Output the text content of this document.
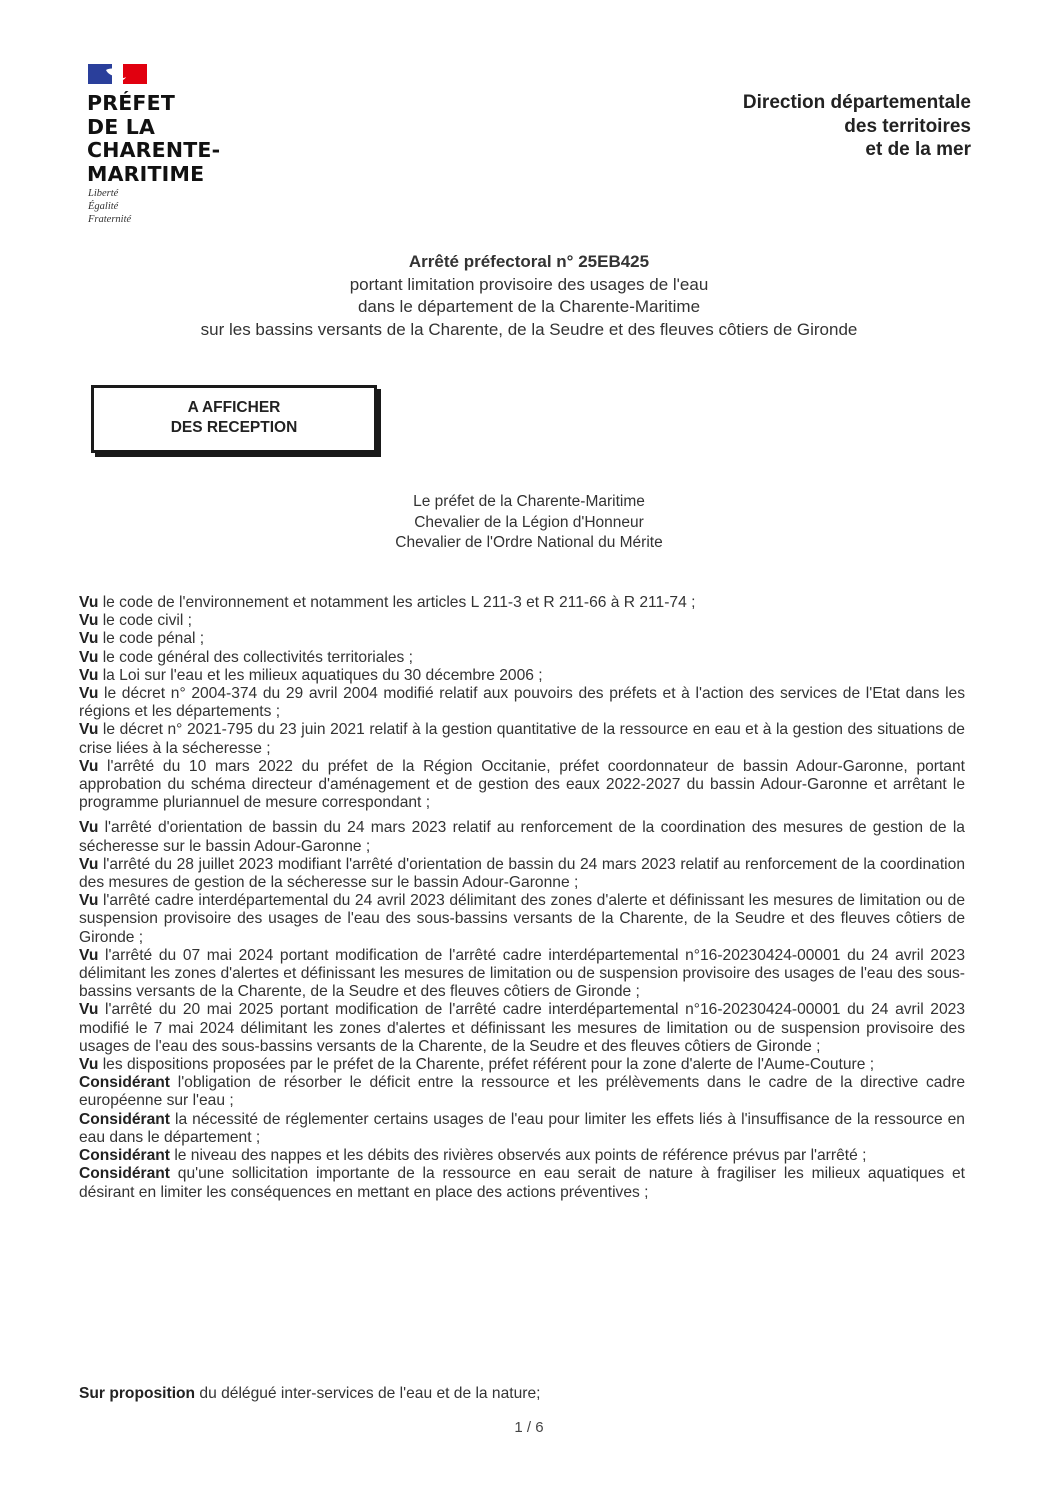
PRÉFET
DE LA
CHARENTE-
MARITIME
Liberté
Égalité
Fraternité
Direction départementale
des territoires
et de la mer
Arrêté préfectoral n° 25EB425
portant limitation provisoire des usages de l'eau
dans le département de la Charente-Maritime
sur les bassins versants de la Charente, de la Seudre et des fleuves côtiers de Gironde
A AFFICHER
DES RECEPTION
Le préfet de la Charente-Maritime
Chevalier de la Légion d'Honneur
Chevalier de l'Ordre National du Mérite

Vu le code de l'environnement et notamment les articles L 211-3 et R 211-66 à R 211-74 ;

Vu le code civil ;

Vu le code pénal ;

Vu le code général des collectivités territoriales ;

Vu la Loi sur l'eau et les milieux aquatiques du 30 décembre 2006 ;

Vu le décret n° 2004-374 du 29 avril 2004 modifié relatif aux pouvoirs des préfets et à l'action des services de l'Etat dans les régions et les départements ;

Vu le décret n° 2021-795 du 23 juin 2021 relatif à la gestion quantitative de la ressource en eau et à la gestion des situations de crise liées à la sécheresse ;

Vu l'arrêté du 10 mars 2022 du préfet de la Région Occitanie, préfet coordonnateur de bassin Adour-Garonne, portant approbation du schéma directeur d'aménagement et de gestion des eaux 2022-2027 du bassin Adour-Garonne et arrêtant le programme pluriannuel de mesure correspondant ;

Vu l'arrêté d'orientation de bassin du 24 mars 2023 relatif au renforcement de la coordination des mesures de gestion de la sécheresse sur le bassin Adour-Garonne ;

Vu l'arrêté du 28 juillet 2023 modifiant l'arrêté d'orientation de bassin du 24 mars 2023 relatif au renforcement de la coordination des mesures de gestion de la sécheresse sur le bassin Adour-Garonne ;

Vu l'arrêté cadre interdépartemental du 24 avril 2023 délimitant des zones d'alerte et définissant les mesures de limitation ou de suspension provisoire des usages de l'eau des sous-bassins versants de la Charente, de la Seudre et des fleuves côtiers de Gironde ;

Vu l'arrêté du 07 mai 2024 portant modification de l'arrêté cadre interdépartemental n°16-20230424-00001 du 24 avril 2023 délimitant les zones d'alertes et définissant les mesures de limitation ou de suspension provisoire des usages de l'eau des sous-bassins versants de la Charente, de la Seudre et des fleuves côtiers de Gironde ;

Vu l'arrêté du 20 mai 2025 portant modification de l'arrêté cadre interdépartemental n°16-20230424-00001 du 24 avril 2023 modifié le 7 mai 2024 délimitant les zones d'alertes et définissant les mesures de limitation ou de suspension provisoire des usages de l'eau des sous-bassins versants de la Charente, de la Seudre et des fleuves côtiers de Gironde ;

Vu les dispositions proposées par le préfet de la Charente, préfet référent pour la zone d'alerte de l'Aume-Couture ;

Considérant l'obligation de résorber le déficit entre la ressource et les prélèvements dans le cadre de la directive cadre européenne sur l'eau ;

Considérant la nécessité de réglementer certains usages de l'eau pour limiter les effets liés à l'insuffisance de la ressource en eau dans le département ;

Considérant le niveau des nappes et les débits des rivières observés aux points de référence prévus par l'arrêté ;

Considérant qu'une sollicitation importante de la ressource en eau serait de nature à fragiliser les milieux aquatiques et désirant en limiter les conséquences en mettant en place des actions préventives ;

Sur proposition du délégué inter-services de l'eau et de la nature;
1 / 6
